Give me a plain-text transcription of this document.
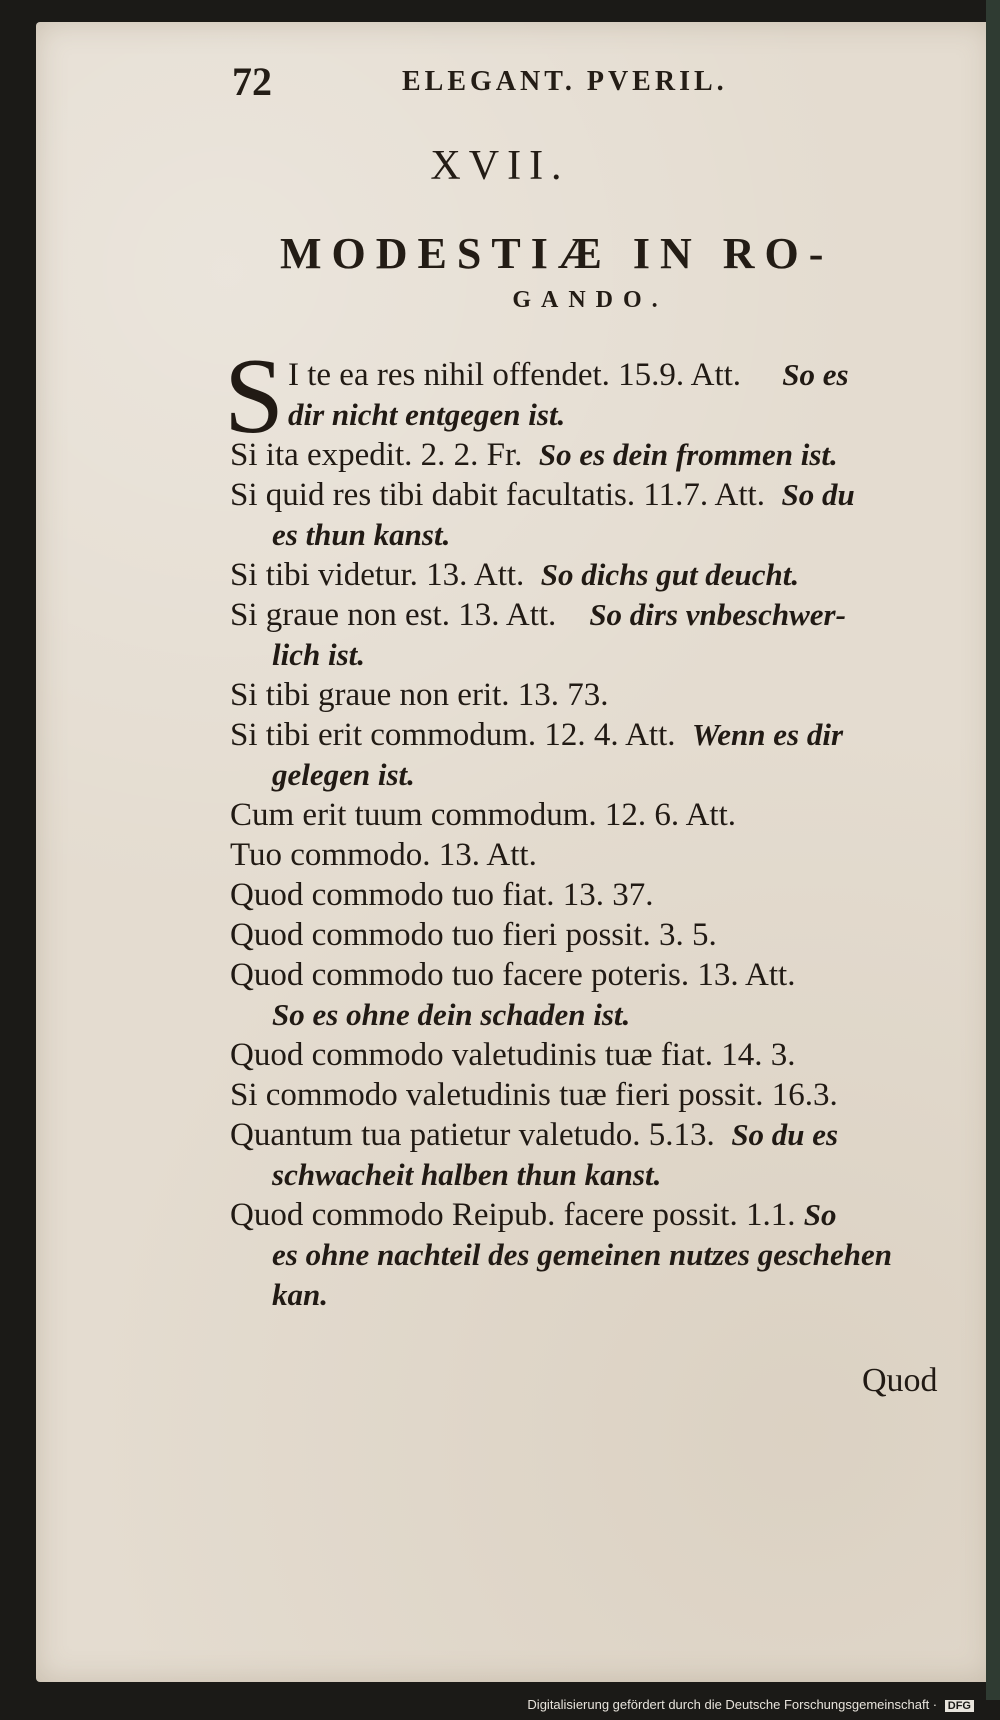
72	ELEGANT. PVERIL.
XVII.
MODESTIÆ IN RO-
GANDO.
S I te ea res nihil offendet. 15.9. Att. So es
dir nicht entgegen ist.
Si ita expedit. 2. 2. Fr. So es dein frommen ist.
Si quid res tibi dabit facultatis. 11.7. Att. So du
es thun kanst.
Si tibi videtur. 13. Att. So dichs gut deucht.
Si graue non est. 13. Att. So dirs vnbeschwer-
lich ist.
Si tibi graue non erit. 13. 73.
Si tibi erit commodum. 12. 4. Att. Wenn es dir
gelegen ist.
Cum erit tuum commodum. 12. 6. Att.
Tuo commodo. 13. Att.
Quod commodo tuo fiat. 13. 37.
Quod commodo tuo fieri possit. 3. 5.
Quod commodo tuo facere poteris. 13. Att.
So es ohne dein schaden ist.
Quod commodo valetudinis tuæ fiat. 14. 3.
Si commodo valetudinis tuæ fieri possit. 16.3.
Quantum tua patietur valetudo. 5.13. So du es
schwacheit halben thun kanst.
Quod commodo Reipub. facere possit. 1.1. So
es ohne nachteil des gemeinen nutzes geschehen
kan.
Quod
Digitalisierung gefördert durch die Deutsche Forschungsgemeinschaft · DFG
